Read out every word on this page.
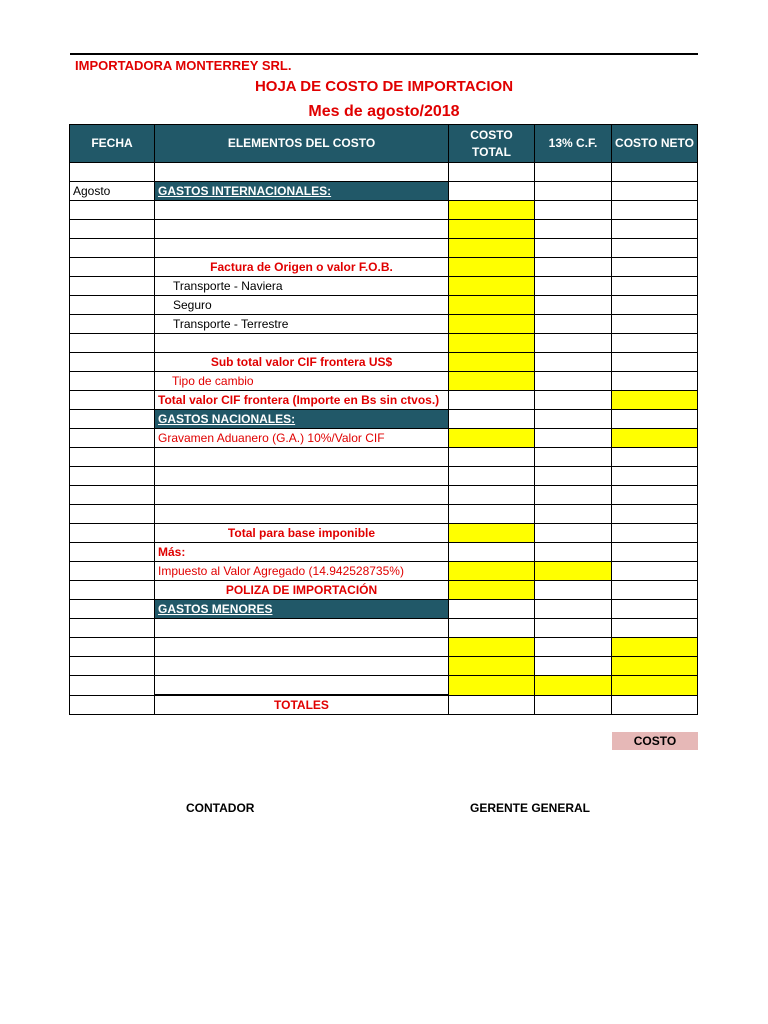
IMPORTADORA MONTERREY SRL.
HOJA DE COSTO DE IMPORTACION
Mes de agosto/2018
FECHA	ELEMENTOS DEL COSTO	COSTO TOTAL	13% C.F.	COSTO NETO

Agosto	GASTOS INTERNACIONALES:			

	Factura de Origen o valor F.O.B.			
	Transporte - Naviera			
	Seguro			
	Transporte - Terrestre			

	Sub total valor CIF frontera US$			
	Tipo de cambio			
	Total valor CIF frontera (Importe en Bs sin ctvos.)			
	GASTOS NACIONALES:			
	Gravamen Aduanero (G.A.) 10%/Valor CIF			

	Total para base imponible			
	Más:			
	Impuesto al Valor Agregado (14.942528735%)			
	POLIZA DE IMPORTACIÓN			
	GASTOS MENORES			

	TOTALES			
COSTO
CONTADOR	GERENTE GENERAL
